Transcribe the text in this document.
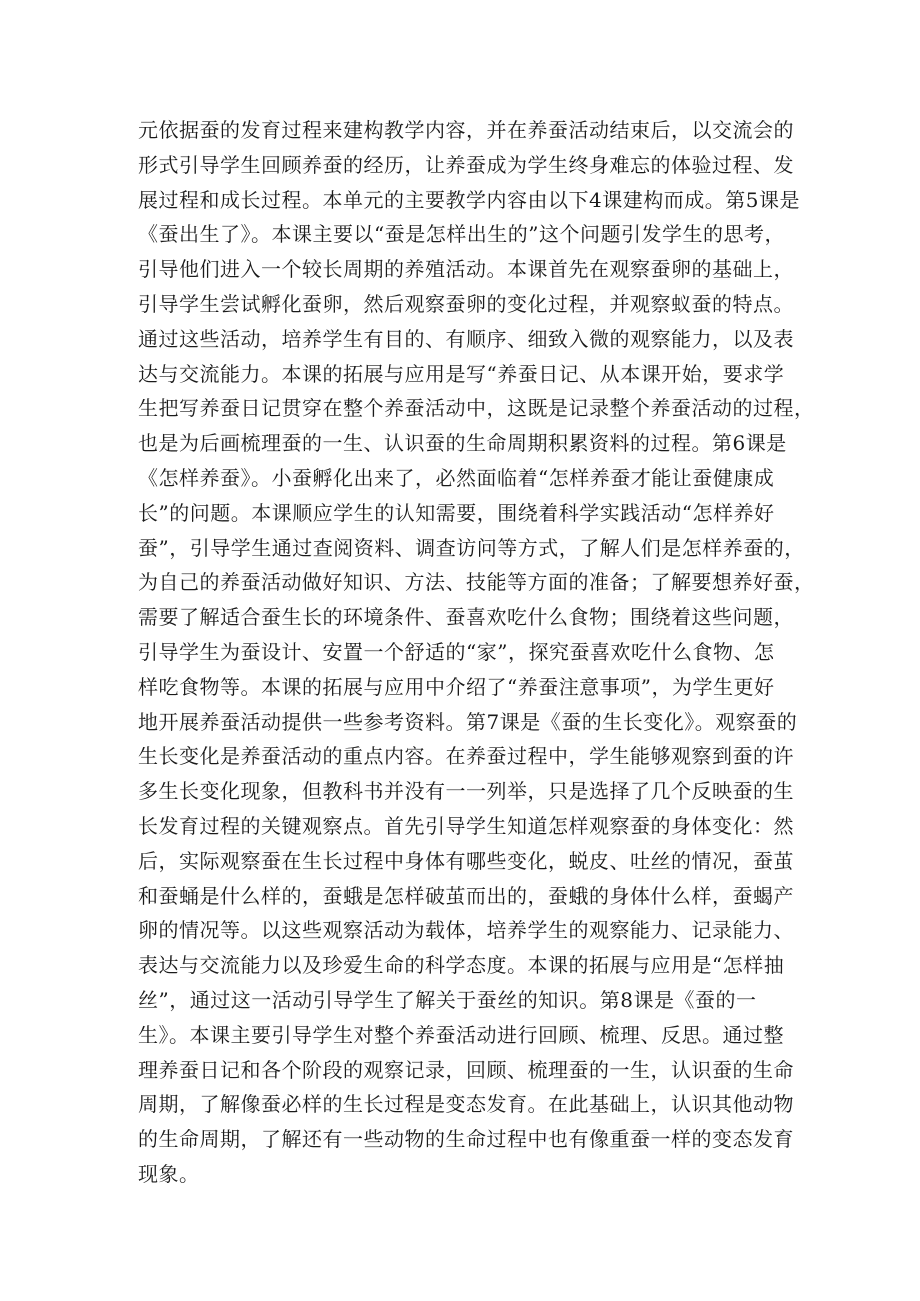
元依据蚕的发育过程来建构教学内容，并在养蚕活动结束后，以交流会的
形式引导学生回顾养蚕的经历，让养蚕成为学生终身难忘的体验过程、发
展过程和成长过程。本单元的主要教学内容由以下4课建构而成。第5课是
《蚕出生了》。本课主要以“蚕是怎样出生的”这个问题引发学生的思考，
引导他们进入一个较长周期的养殖活动。本课首先在观察蚕卵的基础上，
引导学生尝试孵化蚕卵，然后观察蚕卵的变化过程，并观察蚁蚕的特点。
通过这些活动，培养学生有目的、有顺序、细致入微的观察能力，以及表
达与交流能力。本课的拓展与应用是写“养蚕日记、从本课开始，要求学
生把写养蚕日记贯穿在整个养蚕活动中，这既是记录整个养蚕活动的过程，
也是为后画梳理蚕的一生、认识蚕的生命周期积累资料的过程。第6课是
《怎样养蚕》。小蚕孵化出来了，必然面临着“怎样养蚕才能让蚕健康成
长”的问题。本课顺应学生的认知需要，围绕着科学实践活动“怎样养好
蚕”，引导学生通过查阅资料、调查访问等方式，了解人们是怎样养蚕的，
为自己的养蚕活动做好知识、方法、技能等方面的准备；了解要想养好蚕，
需要了解适合蚕生长的环境条件、蚕喜欢吃什么食物；围绕着这些问题，
引导学生为蚕设计、安置一个舒适的“家”，探究蚕喜欢吃什么食物、怎
样吃食物等。本课的拓展与应用中介绍了“养蚕注意事项”，为学生更好
地开展养蚕活动提供一些参考资料。第7课是《蚕的生长变化》。观察蚕的
生长变化是养蚕活动的重点内容。在养蚕过程中，学生能够观察到蚕的许
多生长变化现象，但教科书并没有一一列举，只是选择了几个反映蚕的生
长发育过程的关键观察点。首先引导学生知道怎样观察蚕的身体变化：然
后，实际观察蚕在生长过程中身体有哪些变化，蜕皮、吐丝的情况，蚕茧
和蚕蛹是什么样的，蚕蛾是怎样破茧而出的，蚕蛾的身体什么样，蚕蝎产
卵的情况等。以这些观察活动为载体，培养学生的观察能力、记录能力、
表达与交流能力以及珍爱生命的科学态度。本课的拓展与应用是“怎样抽
丝”，通过这一活动引导学生了解关于蚕丝的知识。第8课是《蚕的一
生》。本课主要引导学生对整个养蚕活动进行回顾、梳理、反思。通过整
理养蚕日记和各个阶段的观察记录，回顾、梳理蚕的一生，认识蚕的生命
周期，了解像蚕必样的生长过程是变态发育。在此基础上，认识其他动物
的生命周期，了解还有一些动物的生命过程中也有像重蚕一样的变态发育
现象。
